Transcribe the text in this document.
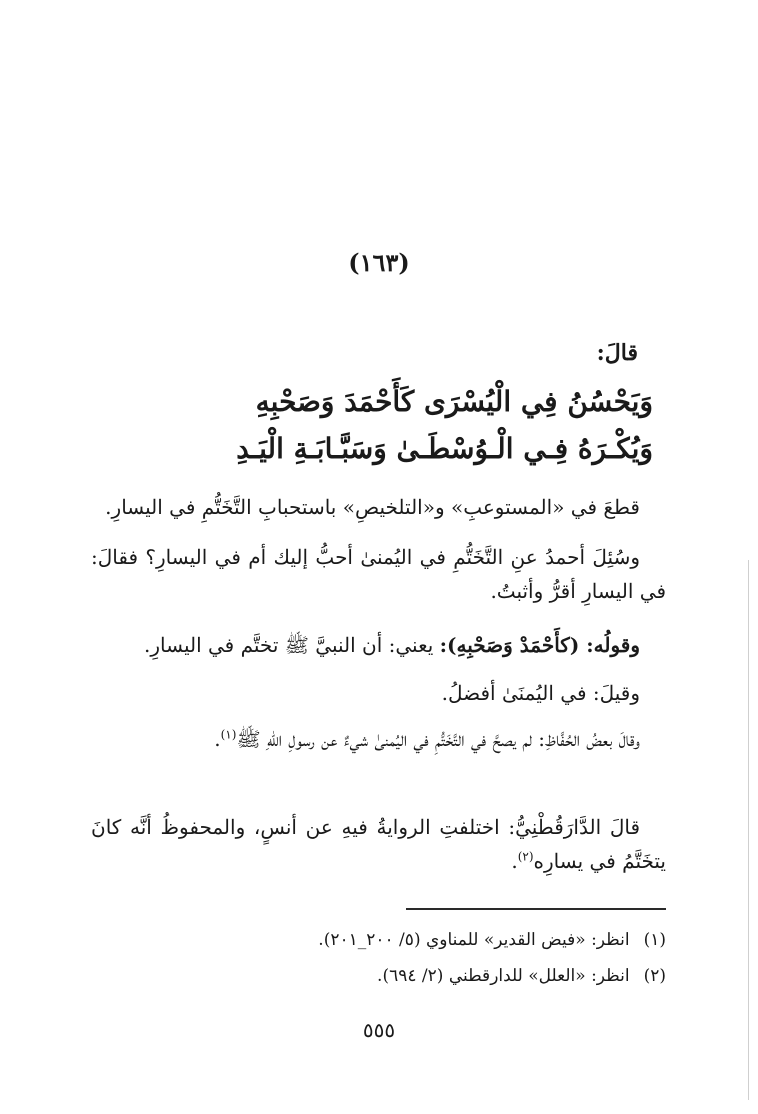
(١٦٣)
قالَ:
وَيَحْسُنُ فِي الْيُسْرَى كَأَحْمَدَ وَصَحْبِهِ
وَيُكْـرَهُ فِـي الْـوُسْطَـىٰ وَسَبَّـابَـةِ الْيَـدِ
قطعَ في «المستوعبِ» و«التلخيصِ» باستحبابِ التَّخَتُّمِ في اليسارِ.
وسُئِلَ أحمدُ عنِ التَّخَتُّمِ في اليُمنىٰ أحبُّ إليك أم في اليسارِ؟ فقالَ: في اليسارِ أقرُّ وأثبتُ.
وقولُه: (كأَحْمَدْ وَصَحْبِهِ): يعني: أن النبيَّ ﷺ تختَّم في اليسارِ.
وقيلَ: في اليُمنَىٰ أفضلُ.
وقالَ بعضُ الحُفَّاظِ: لم يصحَّ في التَّخَتُّمِ في اليُمنىٰ شيءٌ عن رسولِ اللهِ ﷺ$^{(١)}$.
قالَ الدَّارَقُطْنِيُّ: اختلفتِ الروايةُ فيهِ عن أنسٍ، والمحفوظُ أنَّه كانَ يتخَتَّمُ في يسارِه$^{(٢)}$.
(١)انظر: «فيض القدير» للمناوي (٥/ ٢٠٠_٢٠١).
(٢)انظر: «العلل» للدارقطني (٢/ ٦٩٤).
٥٥٥
